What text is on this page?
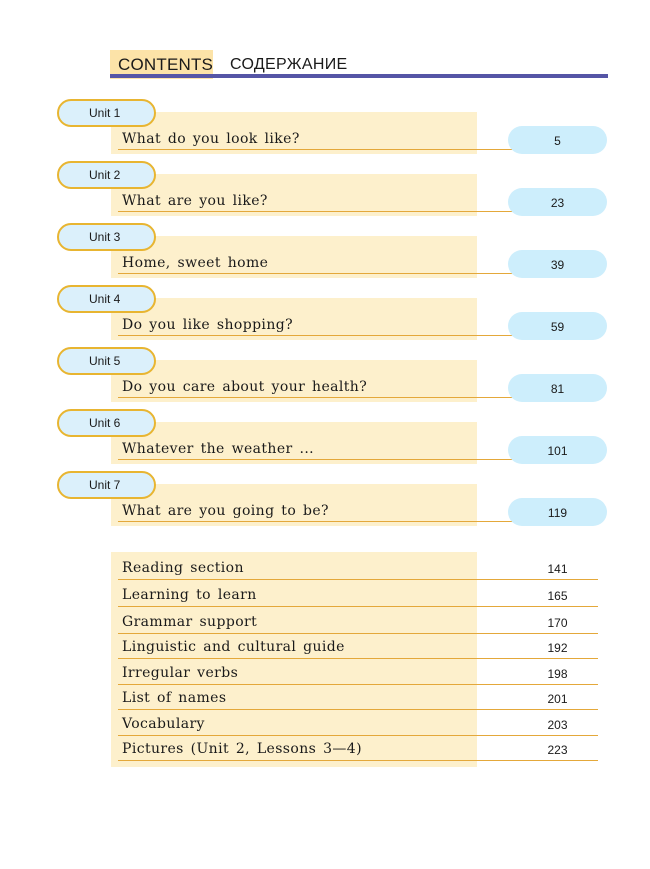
CONTENTS СОДЕРЖАНИЕ
Unit 1
What do you look like?	5
Unit 2
What are you like?	23
Unit 3
Home, sweet home	39
Unit 4
Do you like shopping?	59
Unit 5
Do you care about your health?	81
Unit 6
Whatever the weather ...	101
Unit 7
What are you going to be?	119
Reading section	141
Learning to learn	165
Grammar support	170
Linguistic and cultural guide	192
Irregular verbs	198
List of names	201
Vocabulary	203
Pictures (Unit 2, Lessons 3—4)	223
